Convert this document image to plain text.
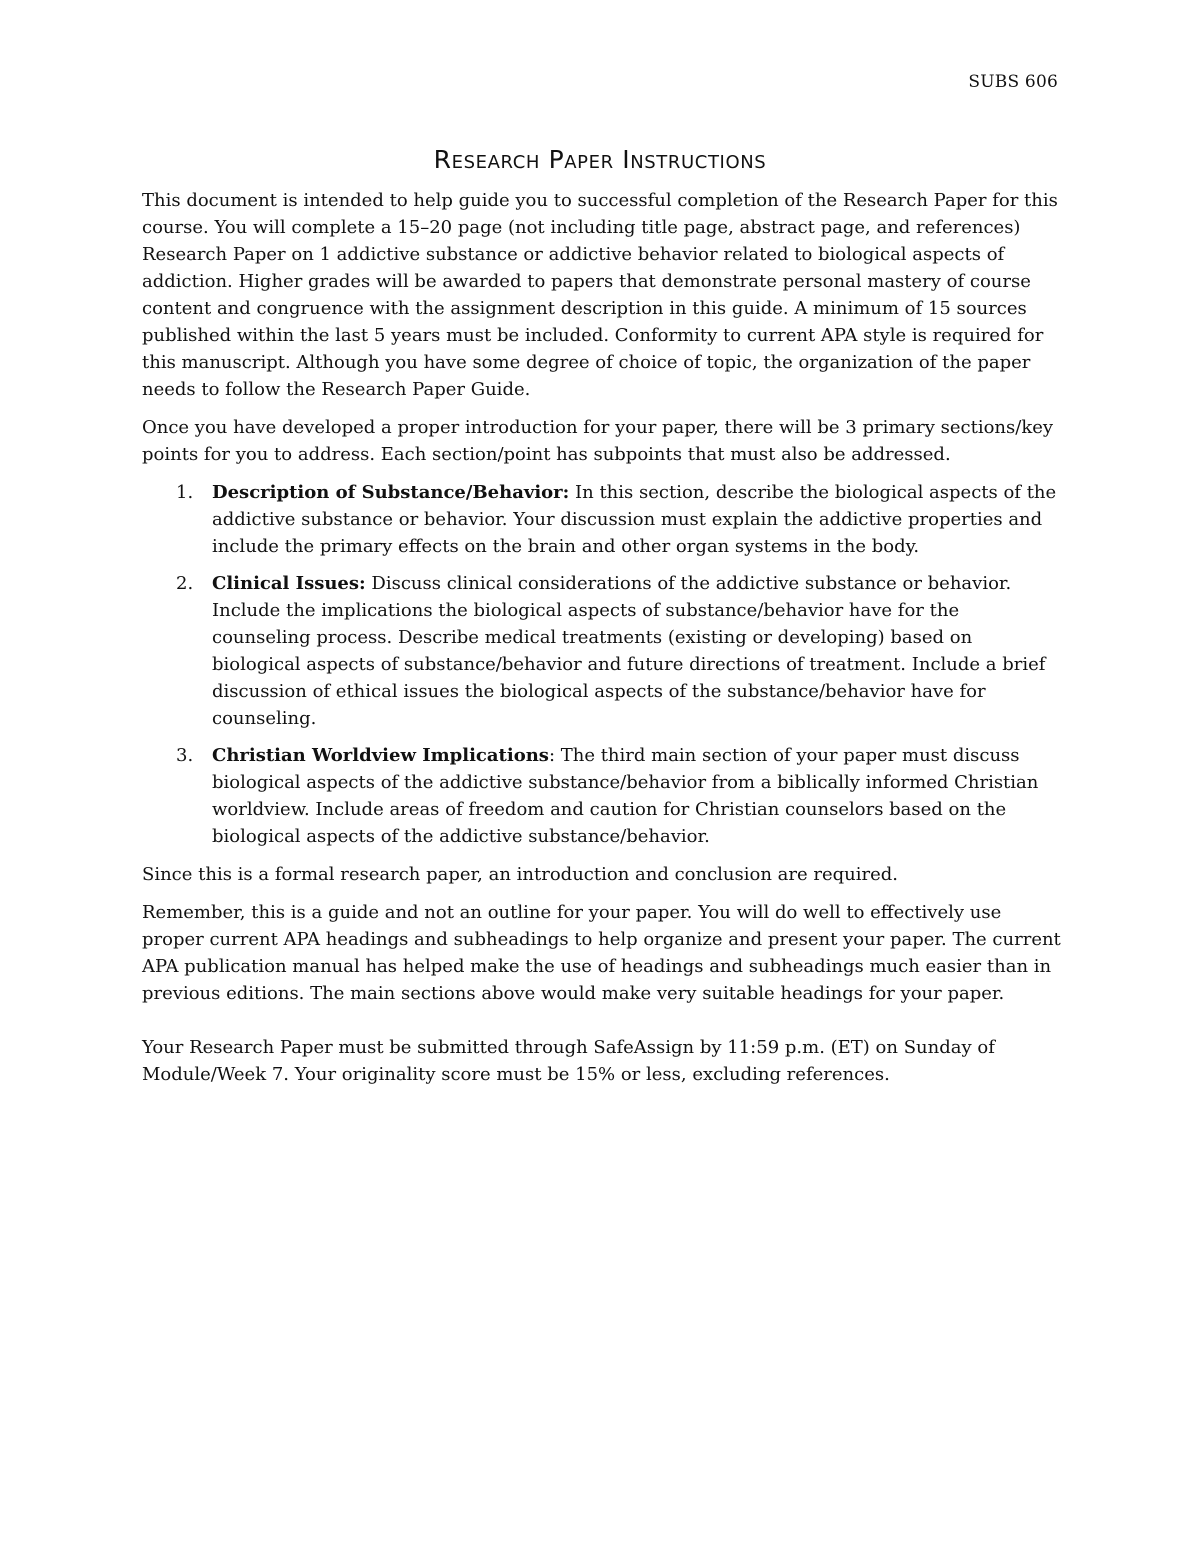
SUBS 606
Research Paper Instructions

This document is intended to help guide you to successful completion of the Research Paper for this course. You will complete a 15–20 page (not including title page, abstract page, and references) Research Paper on 1 addictive substance or addictive behavior related to biological aspects of addiction. Higher grades will be awarded to papers that demonstrate personal mastery of course content and congruence with the assignment description in this guide. A minimum of 15 sources published within the last 5 years must be included. Conformity to current APA style is required for this manuscript. Although you have some degree of choice of topic, the organization of the paper needs to follow the Research Paper Guide.

Once you have developed a proper introduction for your paper, there will be 3 primary sections/key points for you to address. Each section/point has subpoints that must also be addressed.

1. Description of Substance/Behavior: In this section, describe the biological aspects of the addictive substance or behavior. Your discussion must explain the addictive properties and include the primary effects on the brain and other organ systems in the body.
2. Clinical Issues: Discuss clinical considerations of the addictive substance or behavior. Include the implications the biological aspects of substance/behavior have for the counseling process. Describe medical treatments (existing or developing) based on biological aspects of substance/behavior and future directions of treatment. Include a brief discussion of ethical issues the biological aspects of the substance/behavior have for counseling.
3. Christian Worldview Implications: The third main section of your paper must discuss biological aspects of the addictive substance/behavior from a biblically informed Christian worldview. Include areas of freedom and caution for Christian counselors based on the biological aspects of the addictive substance/behavior.

Since this is a formal research paper, an introduction and conclusion are required.

Remember, this is a guide and not an outline for your paper. You will do well to effectively use proper current APA headings and subheadings to help organize and present your paper. The current APA publication manual has helped make the use of headings and subheadings much easier than in previous editions. The main sections above would make very suitable headings for your paper.

Your Research Paper must be submitted through SafeAssign by 11:59 p.m. (ET) on Sunday of Module/Week 7. Your originality score must be 15% or less, excluding references.
